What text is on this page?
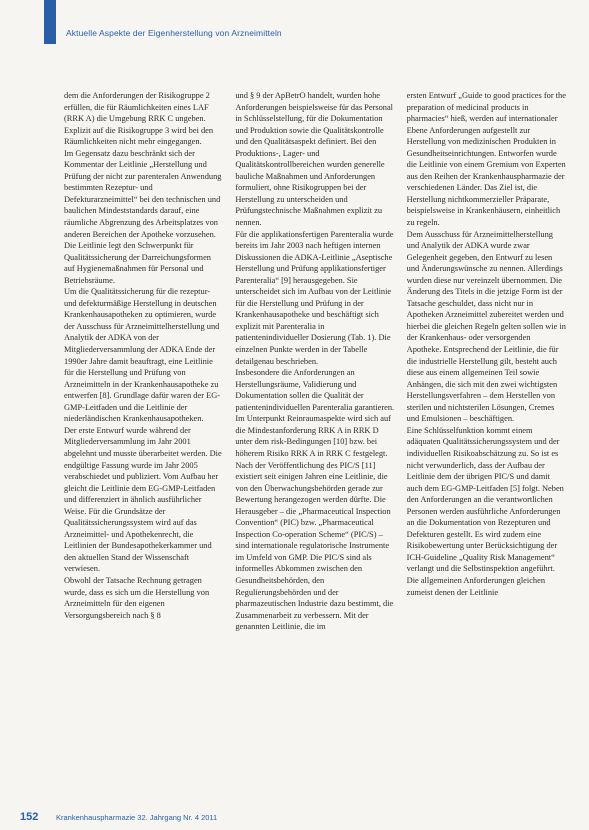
Aktuelle Aspekte der Eigenherstellung von Arzneimitteln

dem die Anforderungen der Risikogruppe 2 erfüllen, die für Räumlichkeiten eines LAF (RRK A) die Umgebung RRK C ungeben. Explizit auf die Risikogruppe 3 wird bei den Räumlichkeiten nicht mehr eingegangen.

Im Gegensatz dazu beschränkt sich der Kommentar der Leitlinie „Herstellung und Prüfung der nicht zur parenteralen Anwendung bestimmten Rezeptur- und Defekturarzneimittel“ bei den technischen und baulichen Mindeststandards darauf, eine räumliche Abgrenzung des Arbeitsplatzes von anderen Bereichen der Apotheke vorzusehen. Die Leitlinie legt den Schwerpunkt für Qualitätssicherung der Darreichungsformen auf Hygienemaßnahmen für Personal und Betriebsräume.

Um die Qualitätssicherung für die rezeptur- und defekturmäßige Herstellung in deutschen Krankenhausapotheken zu optimieren, wurde der Ausschuss für Arzneimittelherstellung und Analytik der ADKA von der Mitgliederversammlung der ADKA Ende der 1990er Jahre damit beauftragt, eine Leitlinie für die Herstellung und Prüfung von Arzneimitteln in der Krankenhausapotheke zu entwerfen [8]. Grundlage dafür waren der EG-GMP-Leitfaden und die Leitlinie der niederländischen Krankenhausapotheken.

Der erste Entwurf wurde während der Mitgliederversammlung im Jahr 2001 abgelehnt und musste überarbeitet werden. Die endgültige Fassung wurde im Jahr 2005 verabschiedet und publiziert. Vom Aufbau her gleicht die Leitlinie dem EG-GMP-Leitfaden und differenziert in ähnlich ausführlicher Weise. Für die Grundsätze der Qualitätssicherungssystem wird auf das Arzneimittel- und Apothekenrecht, die Leitlinien der Bundesapothekerkammer und den aktuellen Stand der Wissenschaft verwiesen.

Obwohl der Tatsache Rechnung getragen wurde, dass es sich um die Herstellung von Arzneimitteln für den eigenen Versorgungsbereich nach § 8

und § 9 der ApBetrO handelt, wurden hohe Anforderungen beispielsweise für das Personal in Schlüsselstellung, für die Dokumentation und Produktion sowie die Qualitätskontrolle und den Qualitätsaspekt definiert. Bei den Produktions-, Lager- und Qualitätskontrollbereichen wurden generelle bauliche Maßnahmen und Anforderungen formuliert, ohne Risikogruppen bei der Herstellung zu unterscheiden und Prüfungstechnische Maßnahmen explizit zu nennen.

Für die applikationsfertigen Parenteralia wurde bereits im Jahr 2003 nach heftigen internen Diskussionen die ADKA-Leitlinie „Aseptische Herstellung und Prüfung applikationsfertiger Parenteralia“ [9] herausgegeben. Sie unterscheidet sich im Aufbau von der Leitlinie für die Herstellung und Prüfung in der Krankenhausapotheke und beschäftigt sich explizit mit Parenteralia in patientenindividueller Dosierung (Tab. 1). Die einzelnen Punkte werden in der Tabelle detailgenau beschrieben.

Insbesondere die Anforderungen an Herstellungsräume, Validierung und Dokumentation sollen die Qualität der patientenindividuellen Parenteralia garantieren. Im Unterpunkt Reinraumaspekte wird sich auf die Mindestanforderung RRK A in RRK D unter dem risk-Bedingungen [10] bzw. bei höherem Risiko RRK A in RRK C festgelegt.

Nach der Veröffentlichung des PIC/S [11] existiert seit einigen Jahren eine Leitlinie, die von den Überwachungsbehörden gerade zur Bewertung herangezogen werden dürfte. Die Herausgeber – die „Pharmaceutical Inspection Convention“ (PIC) bzw. „Pharmaceutical Inspection Co-operation Scheme“ (PIC/S) – sind internationale regulatorische Instrumente im Umfeld von GMP. Die PIC/S sind als informelles Abkommen zwischen den Gesundheitsbehörden, den Regulierungsbehörden und der pharmazeutischen Industrie dazu bestimmt, die Zusammenarbeit zu verbessern. Mit der genannten Leitlinie, die im

ersten Entwurf „Guide to good practices for the preparation of medicinal products in pharmacies“ hieß, werden auf internationaler Ebene Anforderungen aufgestellt zur Herstellung von medizinischen Produkten in Gesundheitseinrichtungen. Entworfen wurde die Leitlinie von einem Gremium von Experten aus den Reihen der Krankenhauspharmazie der verschiedenen Länder. Das Ziel ist, die Herstellung nichtkommerzieller Präparate, beispielsweise in Krankenhäusern, einheitlich zu regeln.

Dem Ausschuss für Arzneimittelherstellung und Analytik der ADKA wurde zwar Gelegenheit gegeben, den Entwurf zu lesen und Änderungswünsche zu nennen. Allerdings wurden diese nur vereinzelt übernommen. Die Änderung des Titels in die jetzige Form ist der Tatsache geschuldet, dass nicht nur in Apotheken Arzneimittel zubereitet werden und hierbei die gleichen Regeln gelten sollen wie in der Krankenhaus- oder versorgenden Apotheke. Entsprechend der Leitlinie, die für die industrielle Herstellung gilt, besteht auch diese aus einem allgemeinen Teil sowie Anhängen, die sich mit den zwei wichtigsten Herstellungsverfahren – dem Herstellen von sterilen und nichtsterilen Lösungen, Cremes und Emulsionen – beschäftigen.

Eine Schlüsselfunktion kommt einem adäquaten Qualitätssicherungssystem und der individuellen Risikoabschätzung zu. So ist es nicht verwunderlich, dass der Aufbau der Leitlinie dem der übrigen PIC/S und damit auch dem EG-GMP-Leitfaden [5] folgt. Neben den Anforderungen an die verantwortlichen Personen werden ausführliche Anforderungen an die Dokumentation von Rezepturen und Defekturen gestellt. Es wird zudem eine Risikobewertung unter Berücksichtigung der ICH-Guideline „Quality Risk Management“ verlangt und die Selbstinspektion angeführt.

Die allgemeinen Anforderungen gleichen zumeist denen der Leitlinie

152 Krankenhauspharmazie 32. Jahrgang Nr. 4 2011
